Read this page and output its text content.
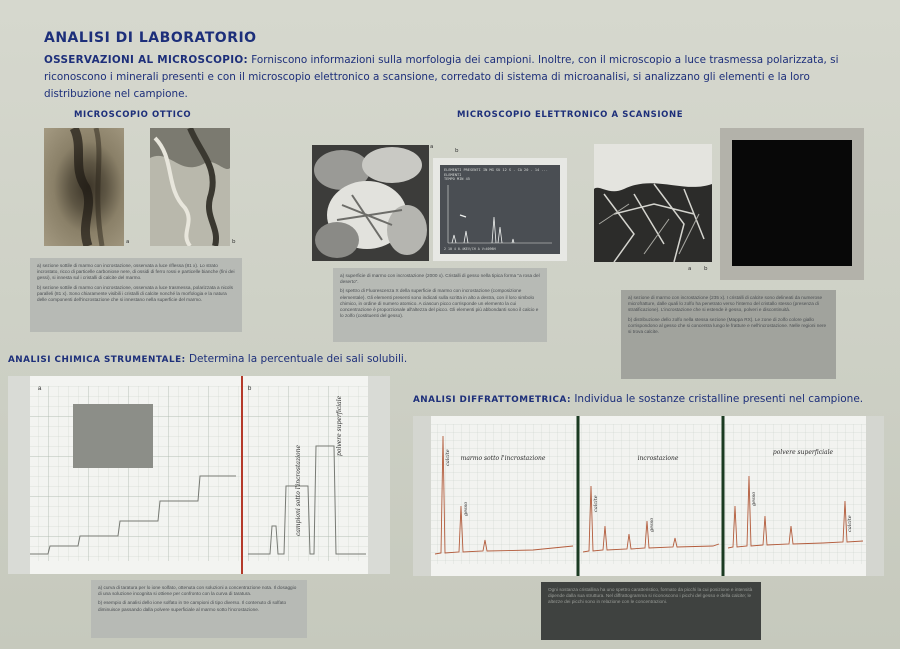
ANALISI DI LABORATORIO
OSSERVAZIONI AL MICROSCOPIO: Forniscono informazioni sulla morfologia dei campioni. Inoltre, con il microscopio a luce trasmessa polarizzata, si riconoscono i minerali presenti e con il microscopio elettronico a scansione, corredato di sistema di microanalisi, si analizzano gli elementi e la loro distribuzione nel campione.
MICROSCOPIO OTTICO
a	b

a) sezione sottile di marmo con incrostazione, osservata a luce riflessa (81 x). Lo strato incrostato, ricco di particelle carboniose nere, di ossidi di ferro rossi e particelle bianche (fini dei gessi), si innesta sul i cristalli di calcite del marmo.

b) sezione sottile di marmo con incrostazione, osservata a luce trasmessa, polarizzata a nicols paralleli (81 x). Sono chiaramente visibili i cristalli di calcite nonché la morfologia e la natura delle componenti dell'incrostazione che si innestano nella superficie del marmo.

MICROSCOPIO ELETTRONICO A SCANSIONE
a
ELEMENTI PRESENTI IN MG SU 12 S - CA 20 - 14 ...
ELEMENTI
TEMPO MIN 45
2 10 4 0.4KEV/CH A V=4096H
b

a) superficie di marmo con incrostazione (2000 x). Cristalli di gesso nella tipica forma "a rosa del deserto".

b) spettro di Fluorescenza X della superficie di marmo con incrostazione (composizione elementale). Gli elementi presenti sono indicati sulla scritta in alto a destra, con il loro simbolo chimico, in ordine di numero atomico. A ciascun picco corrisponde un elemento la cui concentrazione è proporzionale all'altezza del picco. Gli elementi più abbondanti sono il calcio e lo zolfo (costituenti del gesso).

a b

a) sezione di marmo con incrostazione (235 x). I cristalli di calcite sono delineati da numerose microfratture, dalle quali lo zolfo ha penetrato verso l'interno del cristallo stesso (presenza di stratificazione). L'incrostazione che si estende è gesso, polveri e discontinuità.

b) distribuzione dello zolfo nella stessa sezione (Mappa RX). Le zone di zolfo colore giallo corrispondono al gesso che si concentra lungo le fratture e nell'incrostazione. Nelle regioni nere si trova calcite.

ANALISI CHIMICA STRUMENTALE: Determina la percentuale dei sali solubili.
a	b
campioni sotto l'incrostazione
polvere superficiale

a) curva di taratura per lo ione solfato, ottenuta con soluzioni a concentrazione nota. Il dosaggio di una soluzione incognita si ottiene per confronto con la curva di taratura.

b) esempio di analisi dello ione solfato in tre campioni di tipo diverso. Il contenuto di solfato diminuisce passando dalla polvere superficiale al marmo sotto l'incrostazione.

ANALISI DIFFRATTOMETRICA: Individua le sostanze cristalline presenti nel campione.
marmo sotto l'incrostazione	incrostazione
polvere superficiale
calcite
gesso	calcite
gesso
gesso
calcite

Ogni sostanza cristallina ha uno spettro caratteristico, formato da picchi la cui posizione e intensità dipende dalla sua struttura. Nel diffrattogramma si riconoscono i picchi del gesso e della calcite; le altezze dei picchi sono in relazione con le concentrazioni.
